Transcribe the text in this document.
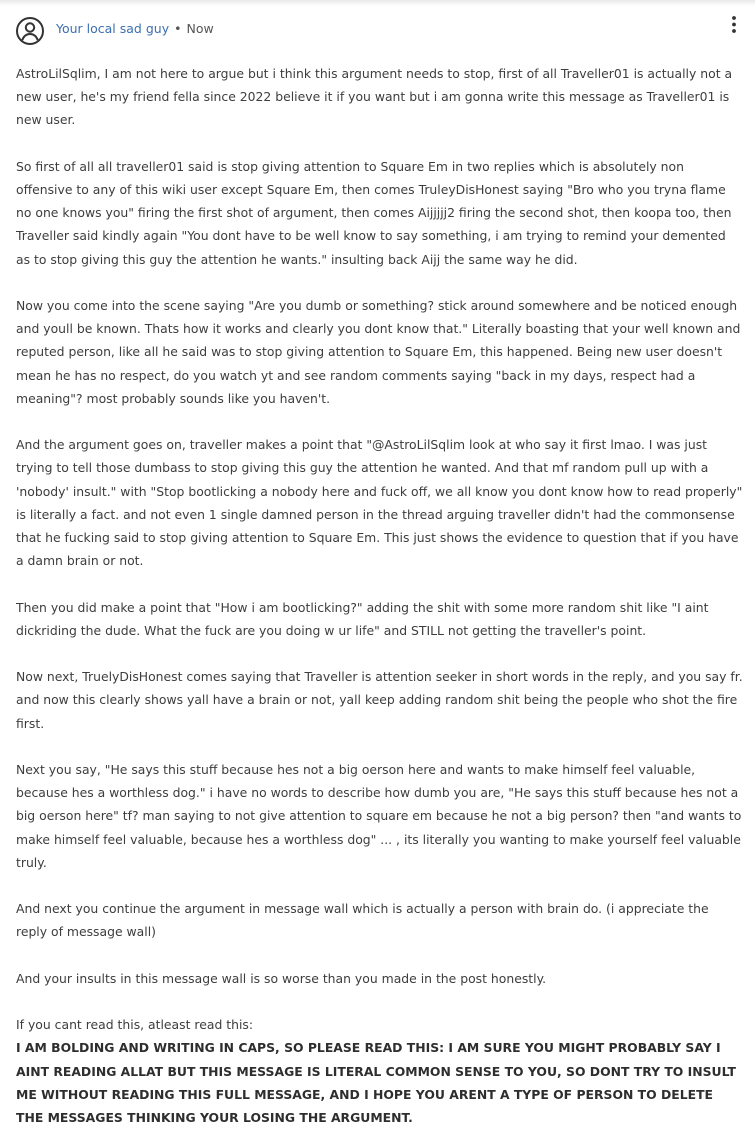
Your local sad guy • Now

AstroLilSqlim, I am not here to argue but i think this argument needs to stop, first of all Traveller01 is actually not a new user, he's my friend fella since 2022 believe it if you want but i am gonna write this message as Traveller01 is new user.

So first of all all traveller01 said is stop giving attention to Square Em in two replies which is absolutely non offensive to any of this wiki user except Square Em, then comes TruleyDisHonest saying "Bro who you tryna flame no one knows you" firing the first shot of argument, then comes Aijjjjj2 firing the second shot, then koopa too, then Traveller said kindly again "You dont have to be well know to say something, i am trying to remind your demented as to stop giving this guy the attention he wants." insulting back Aijj the same way he did.

Now you come into the scene saying "Are you dumb or something? stick around somewhere and be noticed enough and youll be known. Thats how it works and clearly you dont know that." Literally boasting that your well known and reputed person, like all he said was to stop giving attention to Square Em, this happened. Being new user doesn't mean he has no respect, do you watch yt and see random comments saying "back in my days, respect had a meaning"? most probably sounds like you haven't.

And the argument goes on, traveller makes a point that "@AstroLilSqlim look at who say it first lmao. I was just trying to tell those dumbass to stop giving this guy the attention he wanted. And that mf random pull up with a 'nobody' insult." with "Stop bootlicking a nobody here and fuck off, we all know you dont know how to read properly" is literally a fact. and not even 1 single damned person in the thread arguing traveller didn't had the commonsense that he fucking said to stop giving attention to Square Em. This just shows the evidence to question that if you have a damn brain or not.

Then you did make a point that "How i am bootlicking?" adding the shit with some more random shit like "I aint dickriding the dude. What the fuck are you doing w ur life" and STILL not getting the traveller's point.

Now next, TruelyDisHonest comes saying that Traveller is attention seeker in short words in the reply, and you say fr. and now this clearly shows yall have a brain or not, yall keep adding random shit being the people who shot the fire first.

Next you say, "He says this stuff because hes not a big oerson here and wants to make himself feel valuable, because hes a worthless dog." i have no words to describe how dumb you are, "He says this stuff because hes not a big oerson here" tf? man saying to not give attention to square em because he not a big person? then "and wants to make himself feel valuable, because hes a worthless dog" ... , its literally you wanting to make yourself feel valuable truly.

And next you continue the argument in message wall which is actually a person with brain do. (i appreciate the reply of message wall)

And your insults in this message wall is so worse than you made in the post honestly.

If you cant read this, atleast read this:

I AM BOLDING AND WRITING IN CAPS, SO PLEASE READ THIS: I AM SURE YOU MIGHT PROBABLY SAY I AINT READING ALLAT BUT THIS MESSAGE IS LITERAL COMMON SENSE TO YOU, SO DONT TRY TO INSULT ME WITHOUT READING THIS FULL MESSAGE, AND I HOPE YOU ARENT A TYPE OF PERSON TO DELETE THE MESSAGES THINKING YOUR LOSING THE ARGUMENT.
